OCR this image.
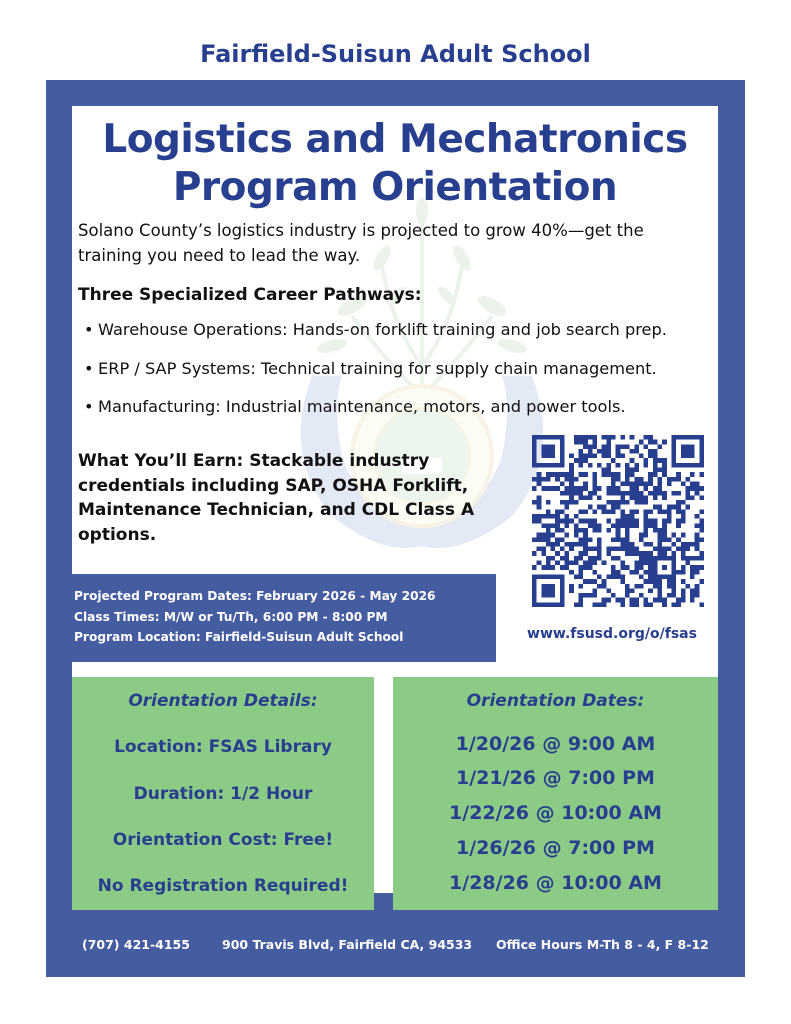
Fairfield-Suisun Adult School
Logistics and Mechatronics
Program Orientation
Solano County’s logistics industry is projected to grow 40%—get the
training you need to lead the way.
Three Specialized Career Pathways:
• Warehouse Operations: Hands-on forklift training and job search prep.
• ERP / SAP Systems: Technical training for supply chain management.
• Manufacturing: Industrial maintenance, motors, and power tools.
What You’ll Earn: Stackable industry
credentials including SAP, OSHA Forklift,
Maintenance Technician, and CDL Class A
options.
www.fsusd.org/o/fsas
Projected Program Dates: February 2026 - May 2026
Class Times: M/W or Tu/Th, 6:00 PM - 8:00 PM
Program Location: Fairfield-Suisun Adult School
Orientation Details:
Location: FSAS Library
Duration: 1/2 Hour
Orientation Cost: Free!
No Registration Required!
Orientation Dates:
1/20/26 @ 9:00 AM
1/21/26 @ 7:00 PM
1/22/26 @ 10:00 AM
1/26/26 @ 7:00 PM
1/28/26 @ 10:00 AM
(707) 421-4155	900 Travis Blvd, Fairfield CA, 94533 Office Hours M-Th 8 - 4, F 8-12
